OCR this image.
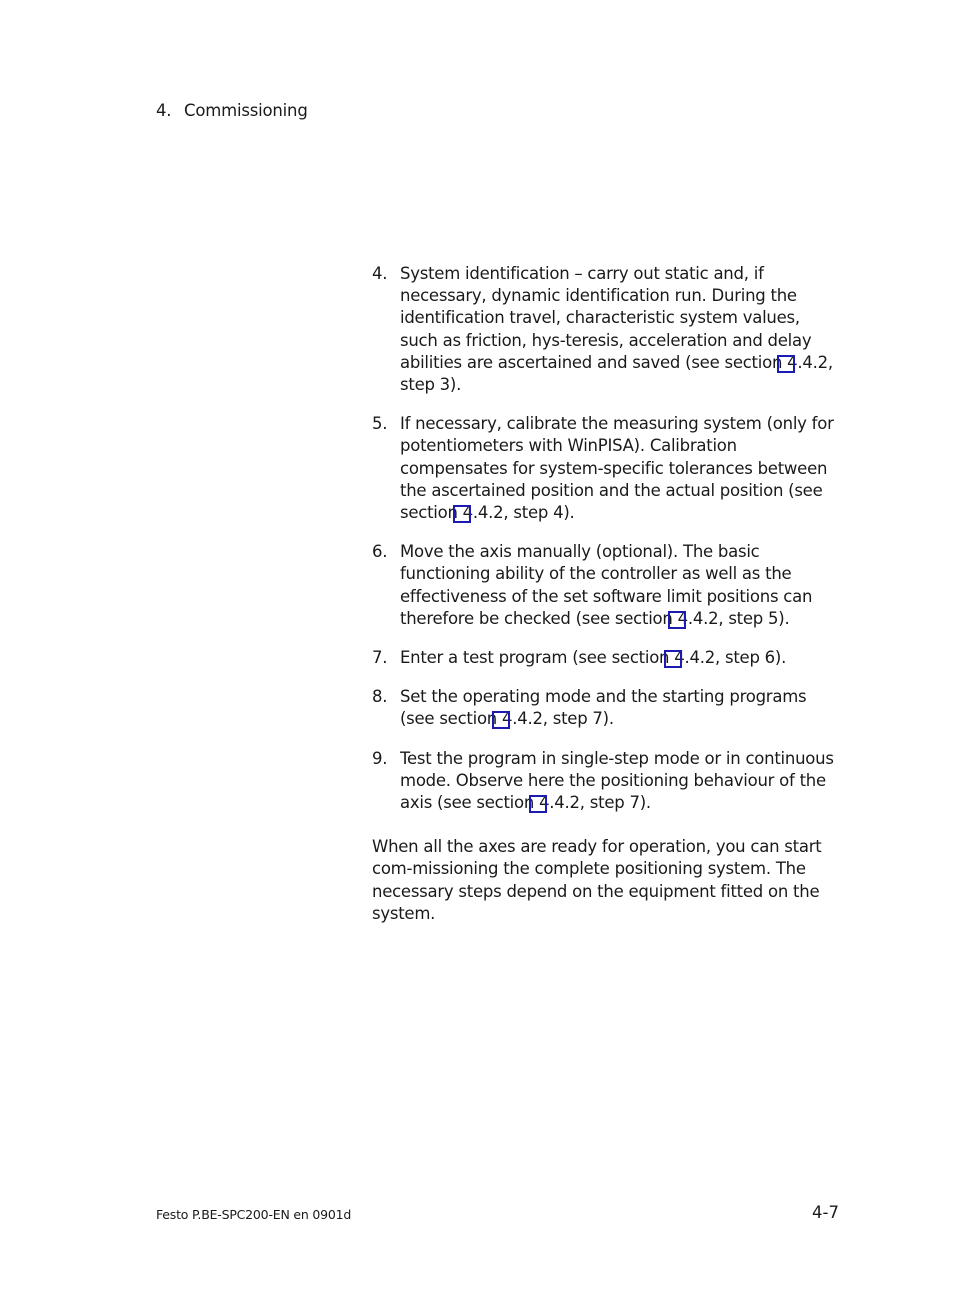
4. Commissioning
4. System identification – carry out static and, if necessary, dynamic identification run. During the identification travel, characteristic system values, such as friction, hys-teresis, acceleration and delay abilities are ascertained and saved (see section
4.4.2, step 3).
5. If necessary, calibrate the measuring system (only for potentiometers with WinPISA). Calibration compensates for system-specific tolerances between the ascertained position and the actual position (see section
4.4.2, step 4).
6. Move the axis manually (optional). The basic functioning ability of the controller as well as the effectiveness of the set software limit positions can therefore be checked (see section
4.4.2, step 5).
7. Enter a test program (see section
4.4.2, step 6).
8. Set the operating mode and the starting programs (see section
4.4.2, step 7).
9. Test the program in single-step mode or in continuous mode. Observe here the positioning behaviour of the axis (see section
4.4.2, step 7).
When all the axes are ready for operation, you can start com-missioning the complete positioning system. The necessary steps depend on the equipment fitted on the system.
Festo P.BE-SPC200-EN en 0901d	4-7
